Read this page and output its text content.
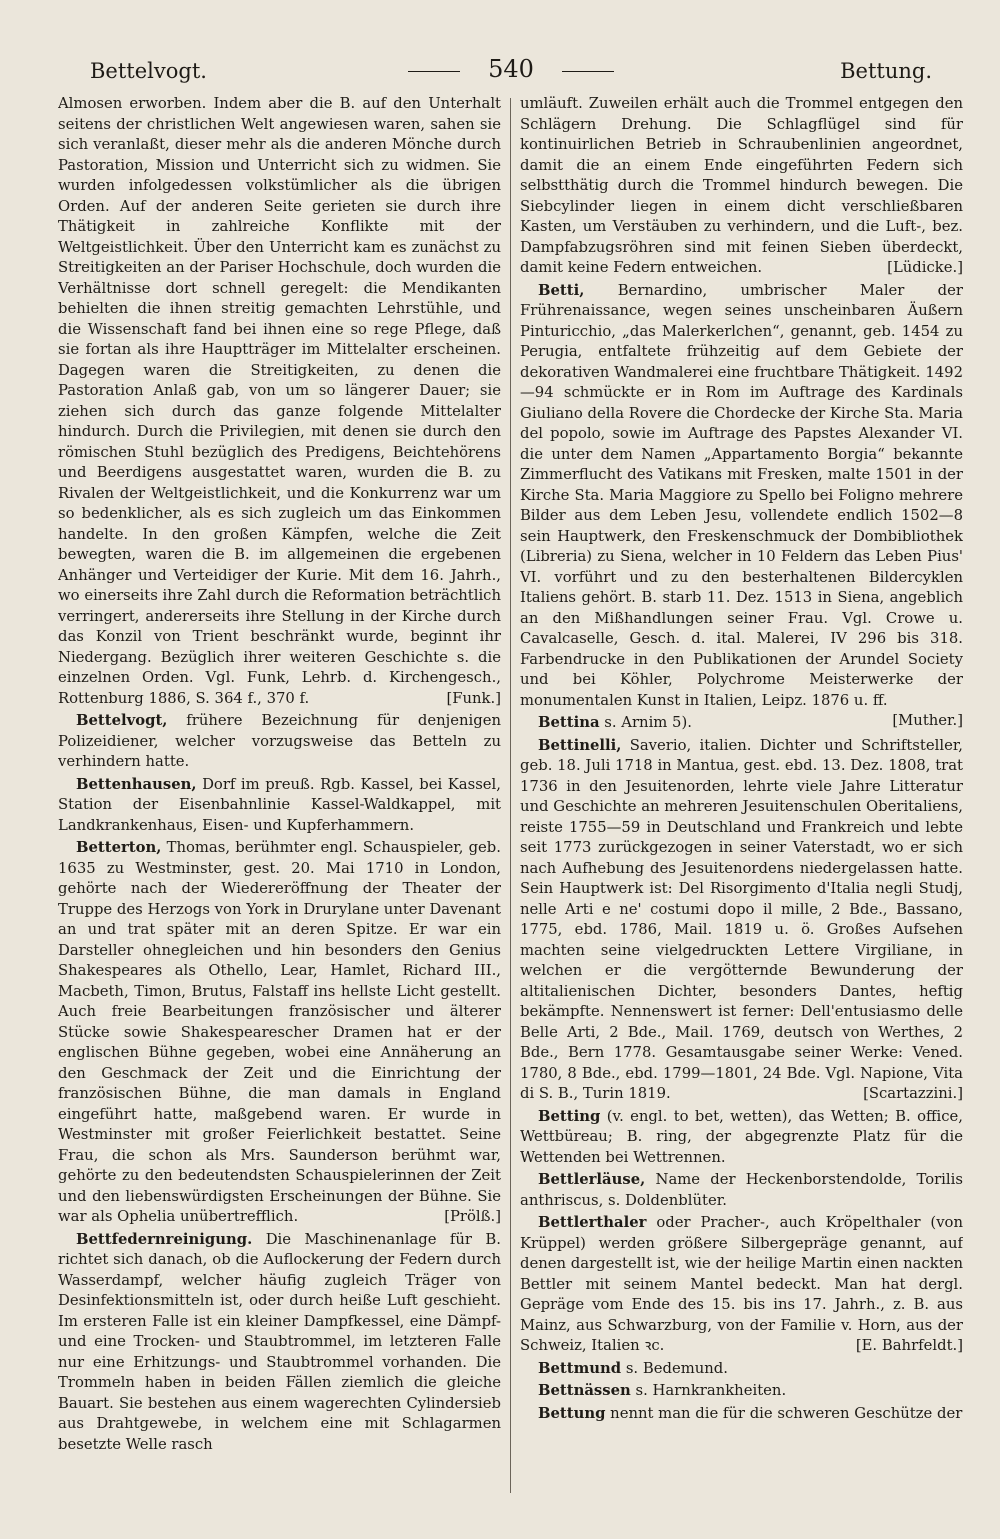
Bettelvogt.	540	Bettung.

Almosen erworben. Indem aber die B. auf den Unterhalt seitens der christlichen Welt angewiesen waren, sahen sie sich veranlaßt, dieser mehr als die anderen Mönche durch Pastoration, Mission und Unterricht sich zu widmen. Sie wurden infolgedessen volkstümlicher als die übrigen Orden. Auf der anderen Seite gerieten sie durch ihre Thätigkeit in zahlreiche Konflikte mit der Weltgeistlichkeit. Über den Unterricht kam es zunächst zu Streitigkeiten an der Pariser Hochschule, doch wurden die Verhältnisse dort schnell geregelt: die Mendikanten behielten die ihnen streitig gemachten Lehrstühle, und die Wissenschaft fand bei ihnen eine so rege Pflege, daß sie fortan als ihre Hauptträger im Mittelalter erscheinen. Dagegen waren die Streitigkeiten, zu denen die Pastoration Anlaß gab, von um so längerer Dauer; sie ziehen sich durch das ganze folgende Mittelalter hindurch. Durch die Privilegien, mit denen sie durch den römischen Stuhl bezüglich des Predigens, Beichtehörens und Beerdigens ausgestattet waren, wurden die B. zu Rivalen der Weltgeistlichkeit, und die Konkurrenz war um so bedenklicher, als es sich zugleich um das Einkommen handelte. In den großen Kämpfen, welche die Zeit bewegten, waren die B. im allgemeinen die ergebenen Anhänger und Verteidiger der Kurie. Mit dem 16. Jahrh., wo einerseits ihre Zahl durch die Reformation beträchtlich verringert, andererseits ihre Stellung in der Kirche durch das Konzil von Trient beschränkt wurde, beginnt ihr Niedergang. Bezüglich ihrer weiteren Geschichte s. die einzelnen Orden. Vgl. Funk, Lehrb. d. Kirchengesch., Rottenburg 1886, S. 364 f., 370 f.	[Funk.]

Bettelvogt, frühere Bezeichnung für denjenigen Polizeidiener, welcher vorzugsweise das Betteln zu verhindern hatte.

Bettenhausen, Dorf im preuß. Rgb. Kassel, bei Kassel, Station der Eisenbahnlinie Kassel-Waldkappel, mit Landkrankenhaus, Eisen- und Kupferhammern.

Betterton, Thomas, berühmter engl. Schauspieler, geb. 1635 zu Westminster, gest. 20. Mai 1710 in London, gehörte nach der Wiedereröffnung der Theater der Truppe des Herzogs von York in Drurylane unter Davenant an und trat später mit an deren Spitze. Er war ein Darsteller ohnegleichen und hin besonders den Genius Shakespeares als Othello, Lear, Hamlet, Richard III., Macbeth, Timon, Brutus, Falstaff ins hellste Licht gestellt. Auch freie Bearbeitungen französischer und älterer Stücke sowie Shakespearescher Dramen hat er der englischen Bühne gegeben, wobei eine Annäherung an den Geschmack der Zeit und die Einrichtung der französischen Bühne, die man damals in England eingeführt hatte, maßgebend waren. Er wurde in Westminster mit großer Feierlichkeit bestattet. Seine Frau, die schon als Mrs. Saunderson berühmt war, gehörte zu den bedeutendsten Schauspielerinnen der Zeit und den liebenswürdigsten Erscheinungen der Bühne. Sie war als Ophelia unübertrefflich.	[Prölß.]

Bettfedernreinigung. Die Maschinenanlage für B. richtet sich danach, ob die Auflockerung der Federn durch Wasserdampf, welcher häufig zugleich Träger von Desinfektionsmitteln ist, oder durch heiße Luft geschieht. Im ersteren Falle ist ein kleiner Dampfkessel, eine Dämpf- und eine Trocken- und Staubtrommel, im letzteren Falle nur eine Erhitzungs- und Staubtrommel vorhanden. Die Trommeln haben in beiden Fällen ziemlich die gleiche Bauart. Sie bestehen aus einem wagerechten Cylindersieb aus Drahtgewebe, in welchem eine mit Schlagarmen besetzte Welle rasch

umläuft. Zuweilen erhält auch die Trommel entgegen den Schlägern Drehung. Die Schlagflügel sind für kontinuirlichen Betrieb in Schraubenlinien angeordnet, damit die an einem Ende eingeführten Federn sich selbstthätig durch die Trommel hindurch bewegen. Die Siebcylinder liegen in einem dicht verschließbaren Kasten, um Verstäuben zu verhindern, und die Luft-, bez. Dampfabzugsröhren sind mit feinen Sieben überdeckt, damit keine Federn entweichen.	[Lüdicke.]

Betti, Bernardino, umbrischer Maler der Frührenaissance, wegen seines unscheinbaren Äußern Pinturicchio, „das Malerkerlchen“, genannt, geb. 1454 zu Perugia, entfaltete frühzeitig auf dem Gebiete der dekorativen Wandmalerei eine fruchtbare Thätigkeit. 1492—94 schmückte er in Rom im Auftrage des Kardinals Giuliano della Rovere die Chordecke der Kirche Sta. Maria del popolo, sowie im Auftrage des Papstes Alexander VI. die unter dem Namen „Appartamento Borgia“ bekannte Zimmerflucht des Vatikans mit Fresken, malte 1501 in der Kirche Sta. Maria Maggiore zu Spello bei Foligno mehrere Bilder aus dem Leben Jesu, vollendete endlich 1502—8 sein Hauptwerk, den Freskenschmuck der Dombibliothek (Libreria) zu Siena, welcher in 10 Feldern das Leben Pius' VI. vorführt und zu den besterhaltenen Bildercyklen Italiens gehört. B. starb 11. Dez. 1513 in Siena, angeblich an den Mißhandlungen seiner Frau. Vgl. Crowe u. Cavalcaselle, Gesch. d. ital. Malerei, IV 296 bis 318. Farbendrucke in den Publikationen der Arundel Society und bei Köhler, Polychrome Meisterwerke der monumentalen Kunst in Italien, Leipz. 1876 u. ff.
[Muther.]

Bettina s. Arnim 5).

Bettinelli, Saverio, italien. Dichter und Schriftsteller, geb. 18. Juli 1718 in Mantua, gest. ebd. 13. Dez. 1808, trat 1736 in den Jesuitenorden, lehrte viele Jahre Litteratur und Geschichte an mehreren Jesuitenschulen Oberitaliens, reiste 1755—59 in Deutschland und Frankreich und lebte seit 1773 zurückgezogen in seiner Vaterstadt, wo er sich nach Aufhebung des Jesuitenordens niedergelassen hatte. Sein Hauptwerk ist: Del Risorgimento d'Italia negli Studj, nelle Arti e ne' costumi dopo il mille, 2 Bde., Bassano, 1775, ebd. 1786, Mail. 1819 u. ö. Großes Aufsehen machten seine vielgedruckten Lettere Virgiliane, in welchen er die vergötternde Bewunderung der altitalienischen Dichter, besonders Dantes, heftig bekämpfte. Nennenswert ist ferner: Dell'entusiasmo delle Belle Arti, 2 Bde., Mail. 1769, deutsch von Werthes, 2 Bde., Bern 1778. Gesamtausgabe seiner Werke: Vened. 1780, 8 Bde., ebd. 1799—1801, 24 Bde. Vgl. Napione, Vita di S. B., Turin 1819.	[Scartazzini.]

Betting (v. engl. to bet, wetten), das Wetten; B. office, Wettbüreau; B. ring, der abgegrenzte Platz für die Wettenden bei Wettrennen.

Bettlerläuse, Name der Heckenborstendolde, Torilis anthriscus, s. Doldenblüter.

Bettlerthaler oder Pracher-, auch Kröpelthaler (von Krüppel) werden größere Silbergepräge genannt, auf denen dargestellt ist, wie der heilige Martin einen nackten Bettler mit seinem Mantel bedeckt. Man hat dergl. Gepräge vom Ende des 15. bis ins 17. Jahrh., z. B. aus Mainz, aus Schwarzburg, von der Familie v. Horn, aus der Schweiz, Italien ꝛc.	[E. Bahrfeldt.]

Bettmund s. Bedemund.

Bettnässen s. Harnkrankheiten.

Bettung nennt man die für die schweren Geschütze der
